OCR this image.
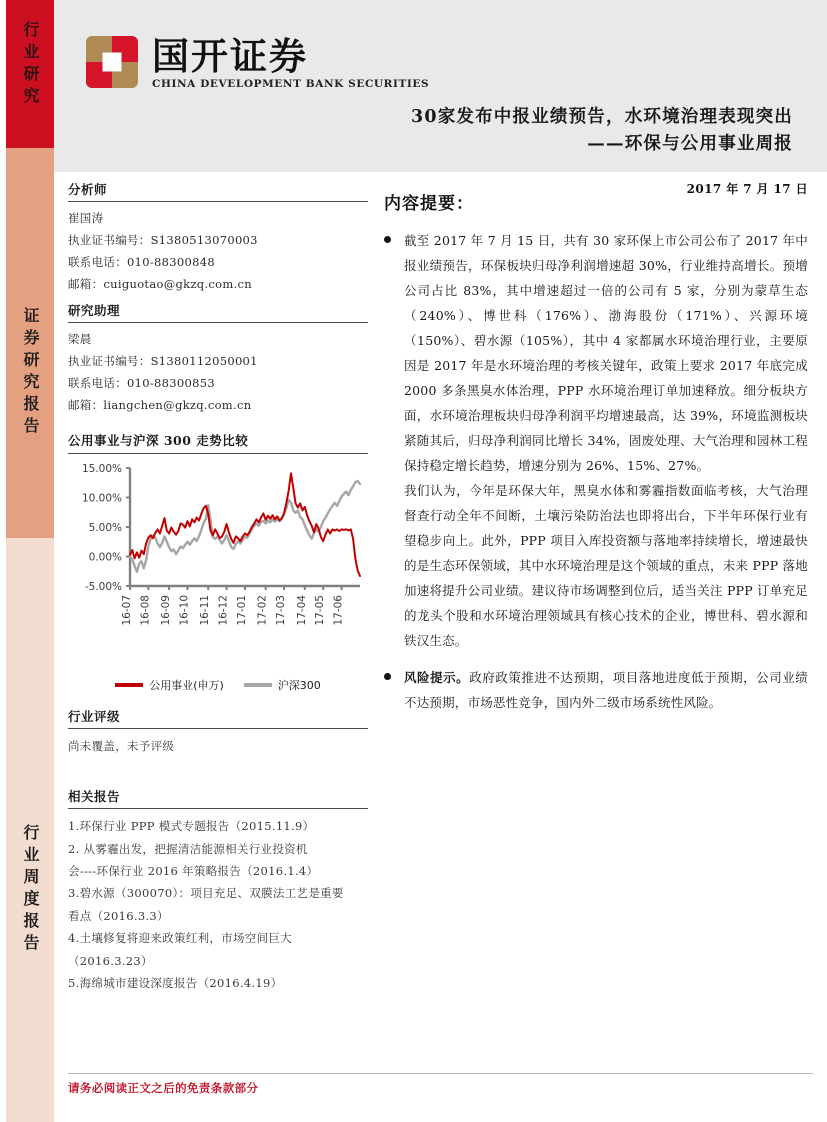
行业研究
证券研究报告
行业周度报告
国开证券
CHINA DEVELOPMENT BANK SECURITIES
30家发布中报业绩预告，水环境治理表现突出
——环保与公用事业周报
分析师
崔国涛
执业证书编号：S1380513070003
联系电话：010-88300848
邮箱：cuiguotao@gkzq.com.cn
研究助理
梁晨
执业证书编号：S1380112050001
联系电话：010-88300853
邮箱：liangchen@gkzq.com.cn
公用事业与沪深 300 走势比较
-5.00%
0.00%
5.00%
10.00%
15.00%
16-07 16-08 16-09 16-10 16-11 16-12 17-01 17-02 17-03 17-04 17-05 17-06
公用事业(申万)	沪深300
行业评级
尚未覆盖，未予评级
相关报告
1.环保行业 PPP 模式专题报告（2015.11.9）
2. 从雾霾出发，把握清洁能源相关行业投资机
会----环保行业 2016 年策略报告（2016.1.4）
3.碧水源（300070）：项目充足、双膜法工艺是重要
看点（2016.3.3）
4.土壤修复将迎来政策红利，市场空间巨大
（2016.3.23）
5.海绵城市建设深度报告（2016.4.19）
2017 年 7 月 17 日
内容提要：
截至 2017 年 7 月 15 日，共有 30 家环保上市公司公布了 2017 年中报业绩预告，环保板块归母净利润增速超 30%，行业维持高增长。预增公司占比 83%，其中增速超过一倍的公司有 5 家，分别为蒙草生态（240%）、博世科（176%）、渤海股份（171%）、兴源环境（150%）、碧水源（105%），其中 4 家都属水环境治理行业，主要原因是 2017 年是水环境治理的考核关键年，政策上要求 2017 年底完成 2000 多条黑臭水体治理，PPP 水环境治理订单加速释放。细分板块方面，水环境治理板块归母净利润平均增速最高，达 39%，环境监测板块紧随其后，归母净利润同比增长 34%，固废处理、大气治理和园林工程保持稳定增长趋势，增速分别为 26%、15%、27%。
我们认为，今年是环保大年，黑臭水体和雾霾指数面临考核，大气治理督查行动全年不间断，土壤污染防治法也即将出台，下半年环保行业有望稳步向上。此外，PPP 项目入库投资额与落地率持续增长，增速最快的是生态环保领域，其中水环境治理是这个领域的重点，未来 PPP 落地加速将提升公司业绩。建议待市场调整到位后，适当关注 PPP 订单充足的龙头个股和水环境治理领域具有核心技术的企业，博世科、碧水源和铁汉生态。
风险提示。政府政策推进不达预期，项目落地进度低于预期，公司业绩不达预期，市场恶性竞争，国内外二级市场系统性风险。
请务必阅读正文之后的免责条款部分
